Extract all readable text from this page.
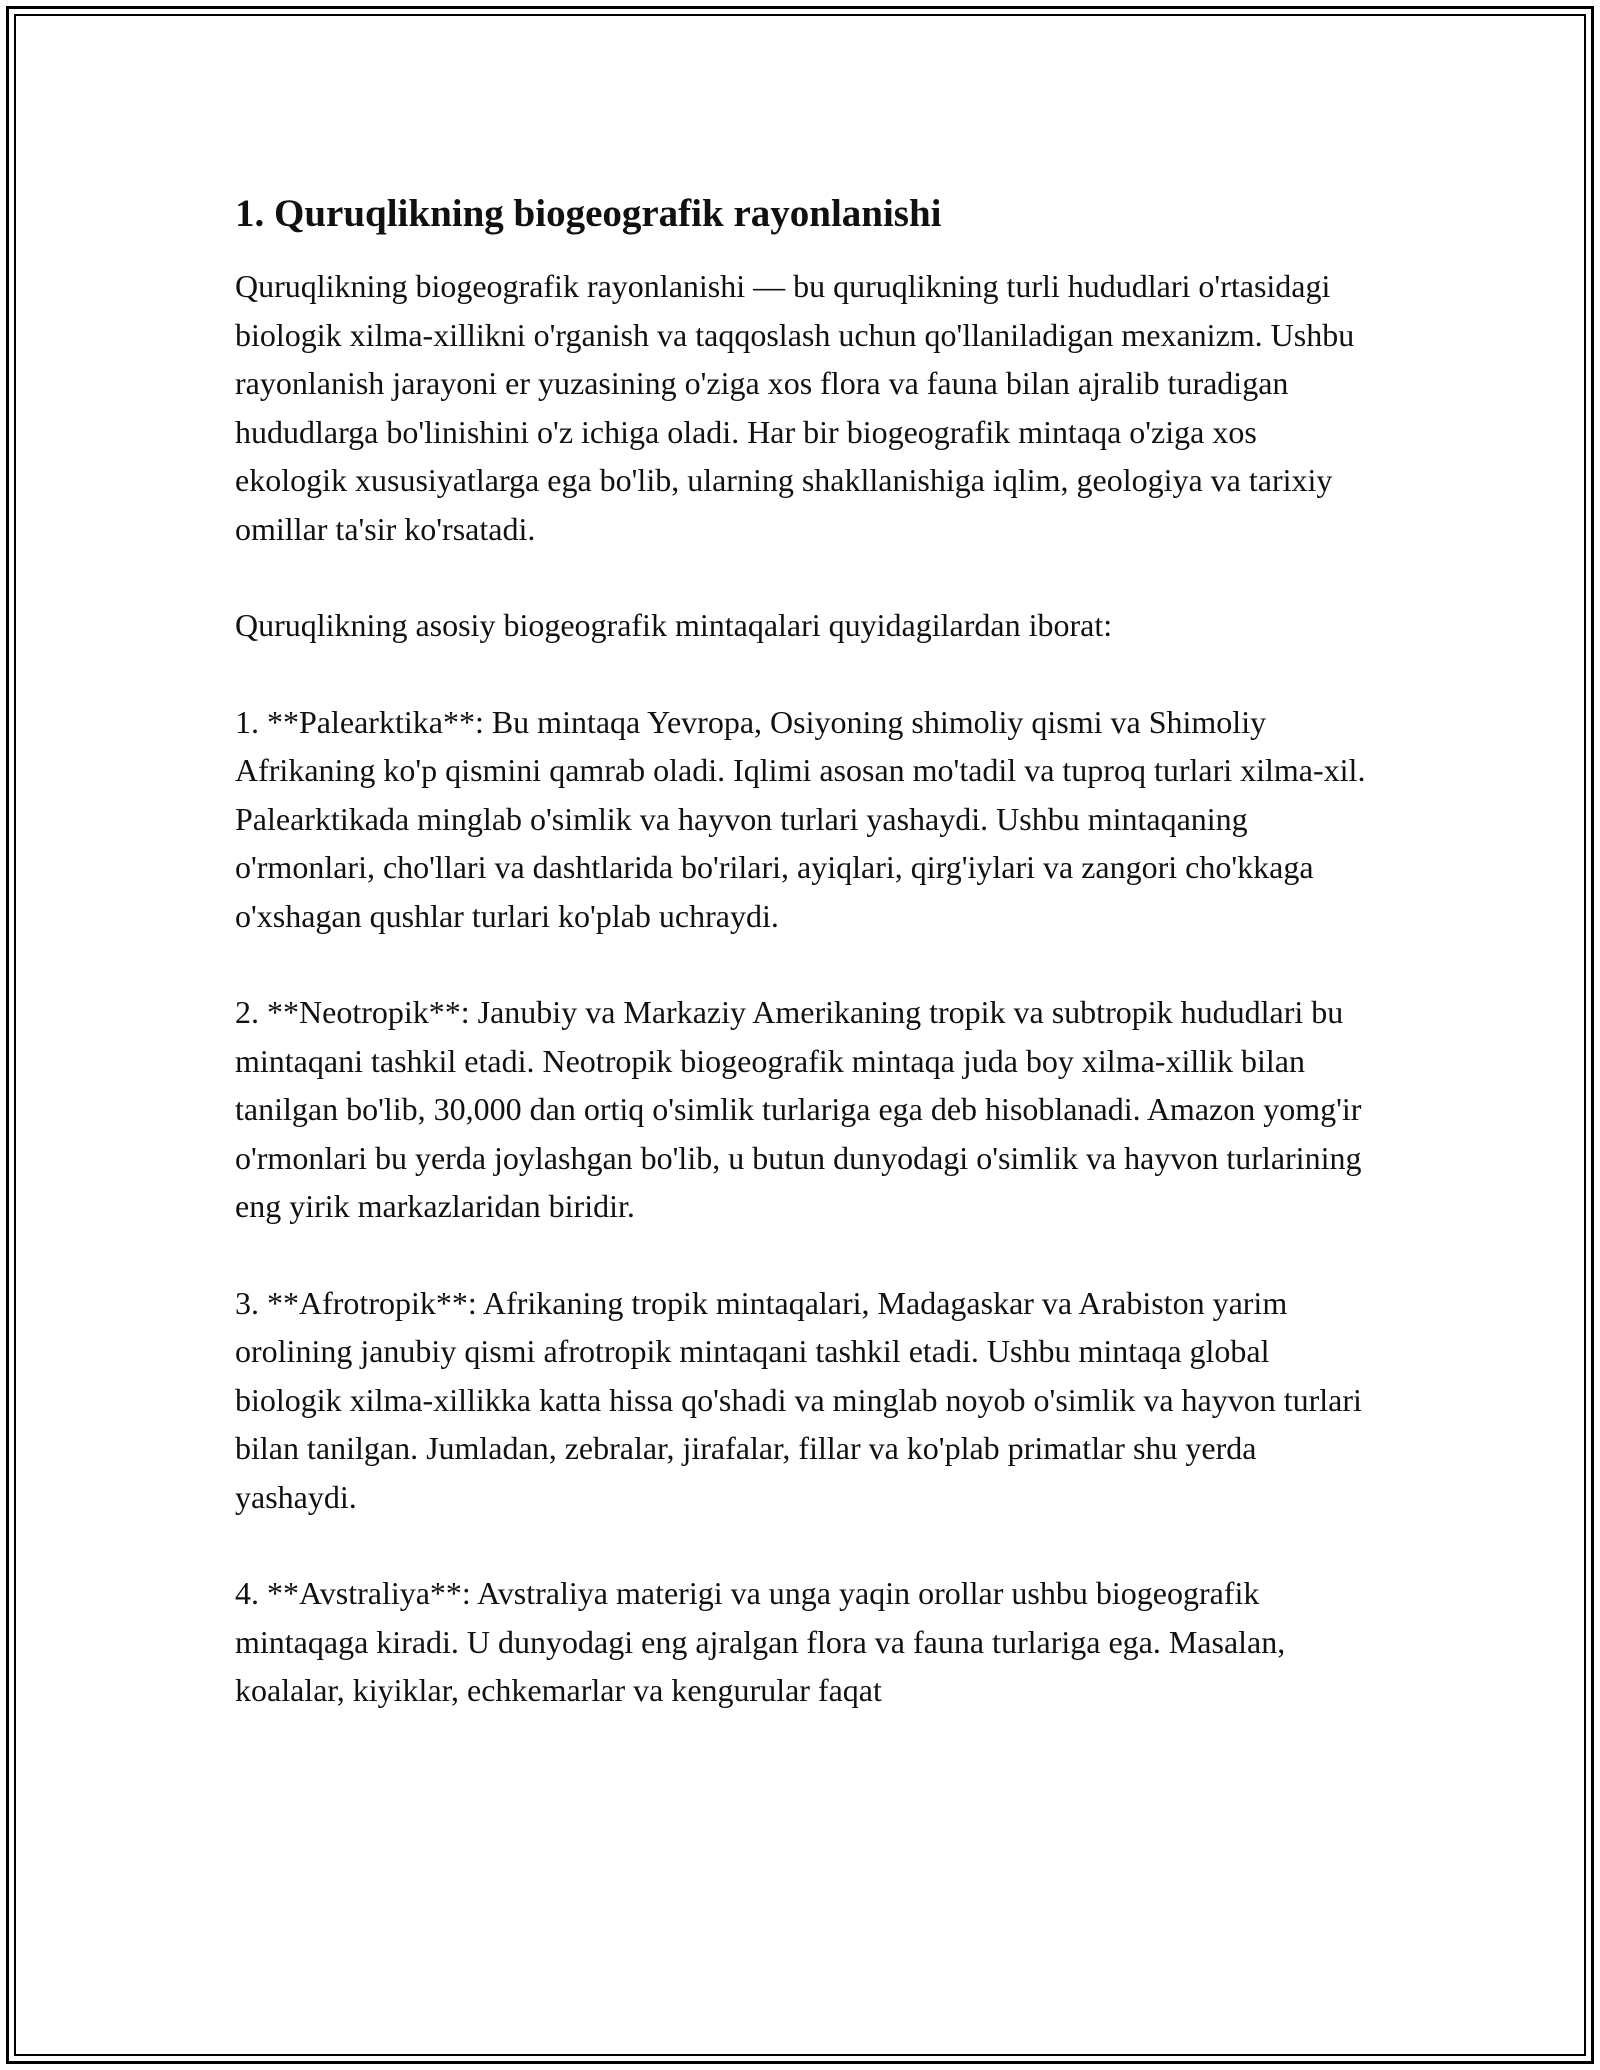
1. Quruqlikning biogeografik rayonlanishi

Quruqlikning biogeografik rayonlanishi — bu quruqlikning turli hududlari o'rtasidagi biologik xilma-xillikni o'rganish va taqqoslash uchun qo'llaniladigan mexanizm. Ushbu rayonlanish jarayoni er yuzasining o'ziga xos flora va fauna bilan ajralib turadigan hududlarga bo'linishini o'z ichiga oladi. Har bir biogeografik mintaqa o'ziga xos ekologik xususiyatlarga ega bo'lib, ularning shakllanishiga iqlim, geologiya va tarixiy omillar ta'sir ko'rsatadi.

Quruqlikning asosiy biogeografik mintaqalari quyidagilardan iborat:

1. **Palearktika**: Bu mintaqa Yevropa, Osiyoning shimoliy qismi va Shimoliy Afrikaning ko'p qismini qamrab oladi. Iqlimi asosan mo'tadil va tuproq turlari xilma-xil. Palearktikada minglab o'simlik va hayvon turlari yashaydi. Ushbu mintaqaning o'rmonlari, cho'llari va dashtlarida bo'rilari, ayiqlari, qirg'iylari va zangori cho'kkaga o'xshagan qushlar turlari ko'plab uchraydi.

2. **Neotropik**: Janubiy va Markaziy Amerikaning tropik va subtropik hududlari bu mintaqani tashkil etadi. Neotropik biogeografik mintaqa juda boy xilma-xillik bilan tanilgan bo'lib, 30,000 dan ortiq o'simlik turlariga ega deb hisoblanadi. Amazon yomg'ir o'rmonlari bu yerda joylashgan bo'lib, u butun dunyodagi o'simlik va hayvon turlarining eng yirik markazlaridan biridir.

3. **Afrotropik**: Afrikaning tropik mintaqalari, Madagaskar va Arabiston yarim orolining janubiy qismi afrotropik mintaqani tashkil etadi. Ushbu mintaqa global biologik xilma-xillikka katta hissa qo'shadi va minglab noyob o'simlik va hayvon turlari bilan tanilgan. Jumladan, zebralar, jirafalar, fillar va ko'plab primatlar shu yerda yashaydi.

4. **Avstraliya**: Avstraliya materigi va unga yaqin orollar ushbu biogeografik mintaqaga kiradi. U dunyodagi eng ajralgan flora va fauna turlariga ega. Masalan, koalalar, kiyiklar, echkemarlar va kengurular faqat
